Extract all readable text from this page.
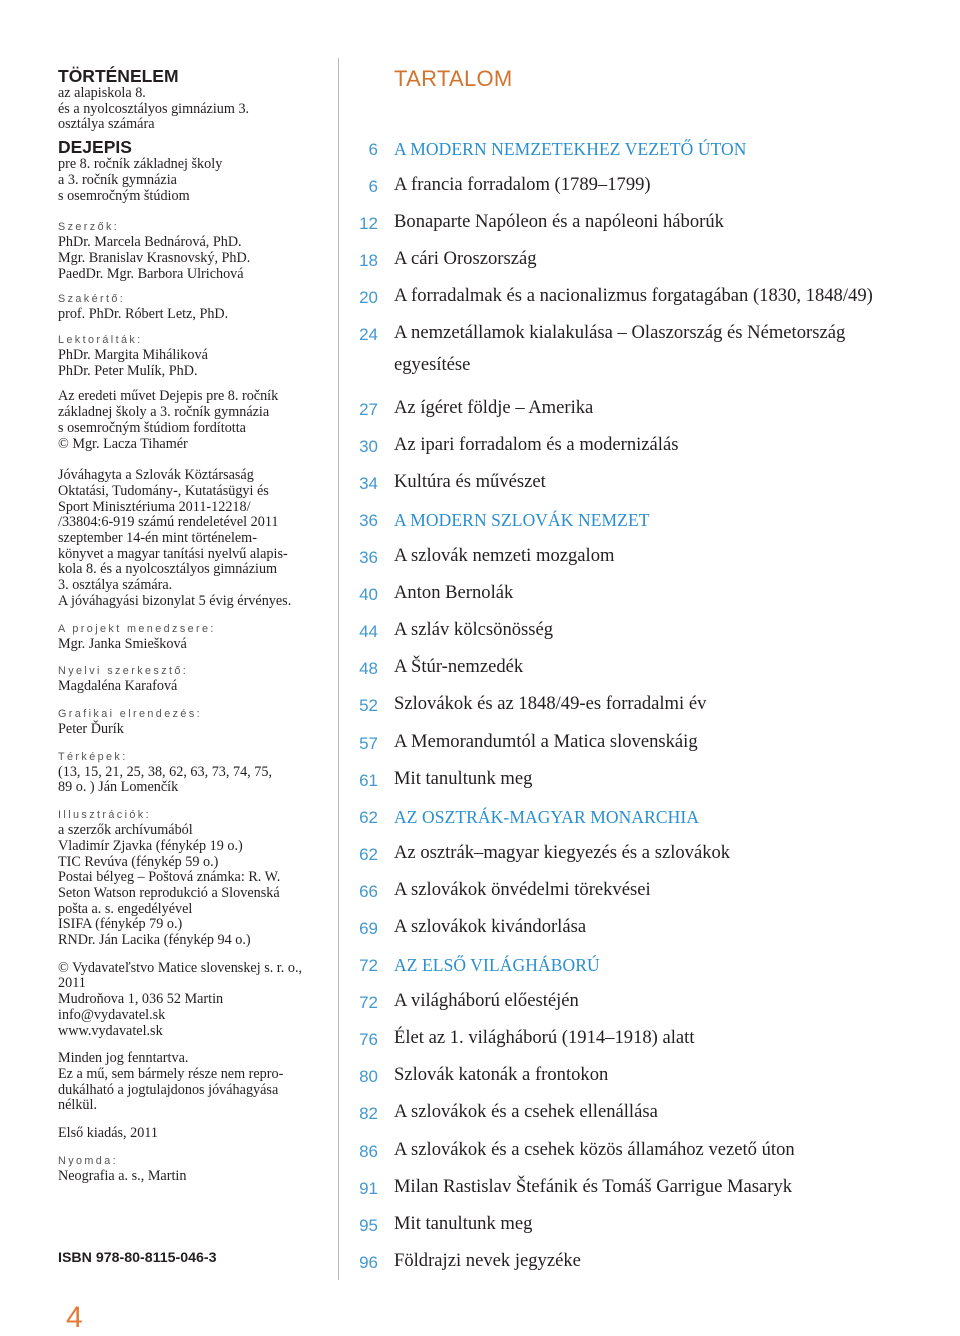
TÖRTÉNELEM
az alapiskola 8.
és a nyolcosztályos gimnázium 3.
osztálya számára
DEJEPIS
pre 8. ročník základnej školy
a 3. ročník gymnázia
s osemročným štúdiom
Szerzők:
PhDr. Marcela Bednárová, PhD.
Mgr. Branislav Krasnovský, PhD.
PaedDr. Mgr. Barbora Ulrichová
Szakértő:
prof. PhDr. Róbert Letz, PhD.
Lektorálták:
PhDr. Margita Miháliková
PhDr. Peter Mulík, PhD.
Az eredeti művet Dejepis pre 8. ročník
základnej školy a 3. ročník gymnázia
s osemročným štúdiom fordította
© Mgr. Lacza Tihamér
Jóváhagyta a Szlovák Köztársaság
Oktatási, Tudomány-, Kutatásügyi és
Sport Minisztériuma 2011-12218/
/33804:6-919 számú rendeletével 2011
szeptember 14-én mint történelem-
könyvet a magyar tanítási nyelvű alapis-
kola 8. és a nyolcosztályos gimnázium
3. osztálya számára.
A jóváhagyási bizonylat 5 évig érvényes.
A projekt menedzsere:
Mgr. Janka Smiešková
Nyelvi szerkesztő:
Magdaléna Karafová
Grafikai elrendezés:
Peter Ďurík
Térképek:
(13, 15, 21, 25, 38, 62, 63, 73, 74, 75,
89 o. ) Ján Lomenčík
Illusztrációk:
a szerzők archívumából
Vladimír Zjavka (fénykép 19 o.)
TIC Revúva (fénykép 59 o.)
Postai bélyeg – Poštová známka: R. W.
Seton Watson reprodukció a Slovenská
pošta a. s. engedélyével
ISIFA (fénykép 79 o.)
RNDr. Ján Lacika (fénykép 94 o.)
© Vydavateľstvo Matice slovenskej s. r. o.,
2011
Mudroňova 1, 036 52 Martin
info@vydavatel.sk
www.vydavatel.sk
Minden jog fenntartva.
Ez a mű, sem bármely része nem repro-
dukálható a jogtulajdonos jóváhagyása
nélkül.
Első kiadás, 2011
Nyomda:
Neografia a. s., Martin
ISBN 978-80-8115-046-3
4
TARTALOM
6 A MODERN NEMZETEKHEZ VEZETŐ ÚTON
6 A francia forradalom (1789–1799)
12 Bonaparte Napóleon és a napóleoni háborúk
18 A cári Oroszország
20 A forradalmak és a nacionalizmus forgatagában (1830, 1848/49)
24 A nemzetállamok kialakulása – Olaszország és Németország
egyesítése
27 Az ígéret földje – Amerika
30 Az ipari forradalom és a modernizálás
34 Kultúra és művészet
36 A MODERN SZLOVÁK NEMZET
36 A szlovák nemzeti mozgalom
40 Anton Bernolák
44 A szláv kölcsönösség
48 A Štúr-nemzedék
52 Szlovákok és az 1848/49-es forradalmi év
57 A Memorandumtól a Matica slovenskáig
61 Mit tanultunk meg
62 AZ OSZTRÁK-MAGYAR MONARCHIA
62 Az osztrák–magyar kiegyezés és a szlovákok
66 A szlovákok önvédelmi törekvései
69 A szlovákok kivándorlása
72 AZ ELSŐ VILÁGHÁBORÚ
72 A világháború előestéjén
76 Élet az 1. világháború (1914–1918) alatt
80 Szlovák katonák a frontokon
82 A szlovákok és a csehek ellenállása
86 A szlovákok és a csehek közös államához vezető úton
91 Milan Rastislav Štefánik és Tomáš Garrigue Masaryk
95 Mit tanultunk meg
96 Földrajzi nevek jegyzéke
